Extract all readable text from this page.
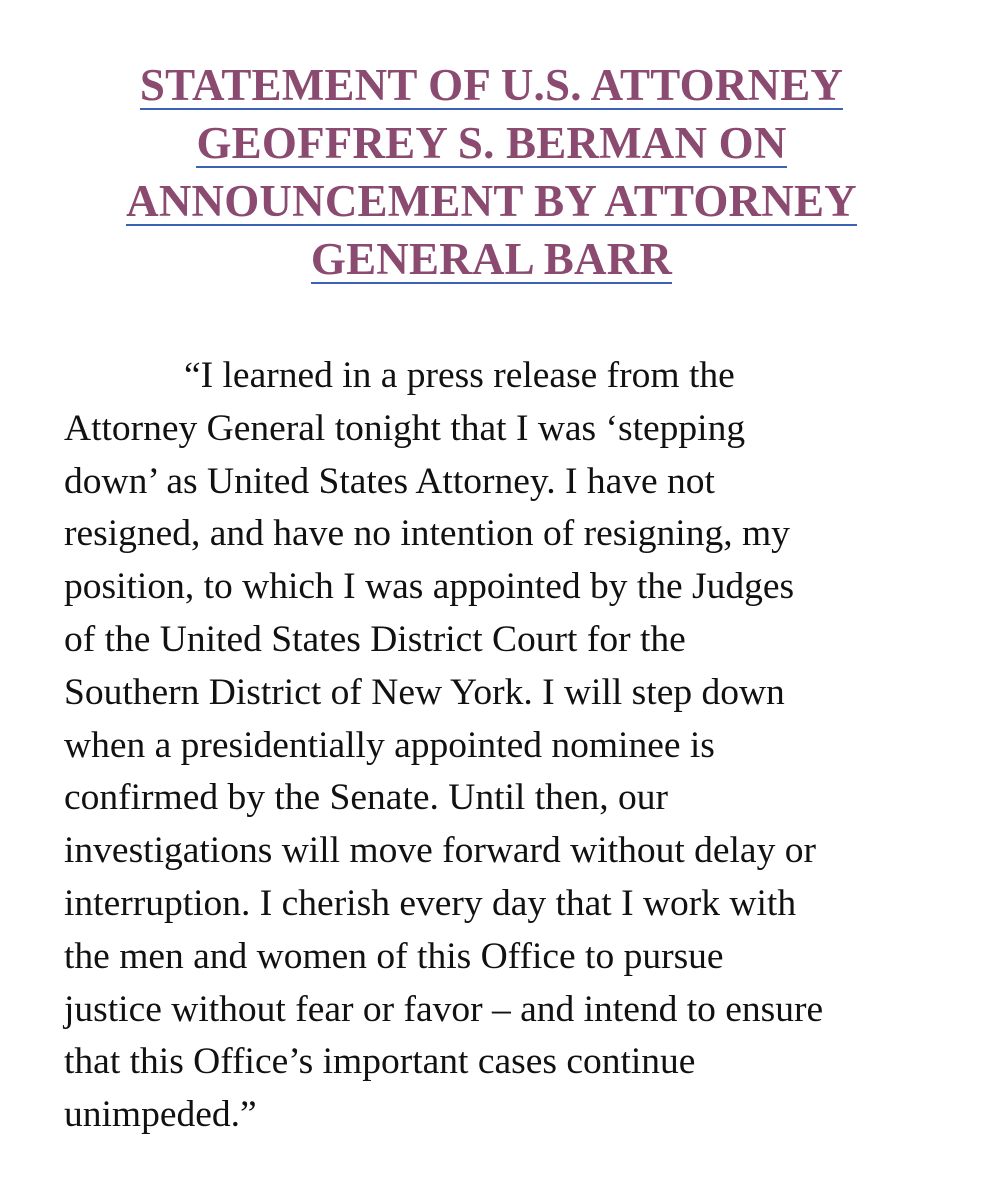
STATEMENT OF U.S. ATTORNEY
GEOFFREY S. BERMAN ON
ANNOUNCEMENT BY ATTORNEY
GENERAL BARR
“I learned in a press release from the
Attorney General tonight that I was ‘stepping
down’ as United States Attorney. I have not
resigned, and have no intention of resigning, my
position, to which I was appointed by the Judges
of the United States District Court for the
Southern District of New York. I will step down
when a presidentially appointed nominee is
confirmed by the Senate. Until then, our
investigations will move forward without delay or
interruption. I cherish every day that I work with
the men and women of this Office to pursue
justice without fear or favor – and intend to ensure
that this Office’s important cases continue
unimpeded.”
